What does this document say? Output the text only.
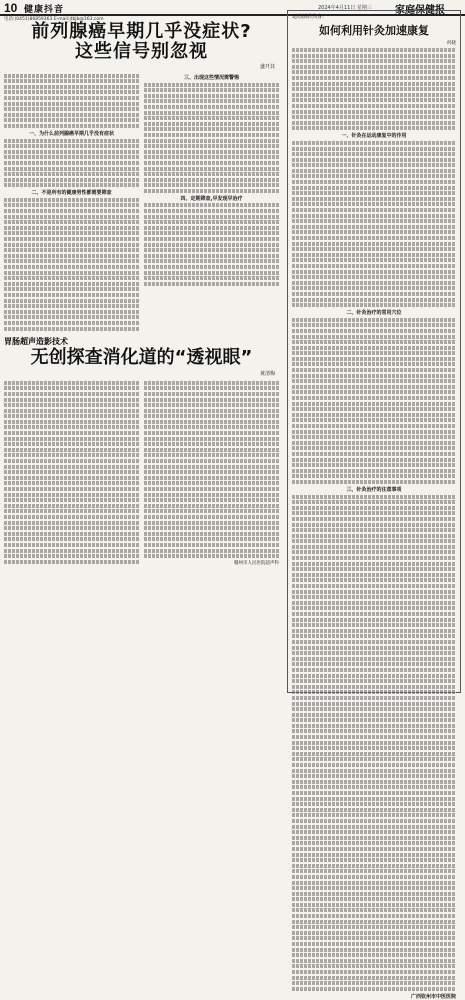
10 健康抖音	2024年4月11日 星期三 家庭保健报
电话:(0451)86859363 E-mail:jtbjb@163.com
前列腺癌早期几乎没症状?
这些信号别忽视
盛开其
一、为什么前列腺癌早期几乎没有症状
二、不是所有的健康男性都需要筛查
三、出现这些情况需警惕
四、定期筛查,早发现早治疗
胃肠超声造影技术
无创探查消化道的“透视眼”
黄清梅
赣州市人民医院超声科
运动前后热身:
如何利用针灸加速康复
何晓
一、针灸在运动康复中的作用
二、针灸治疗的常用穴位
三、针灸治疗的注意事项
广西钦州市中医医院
